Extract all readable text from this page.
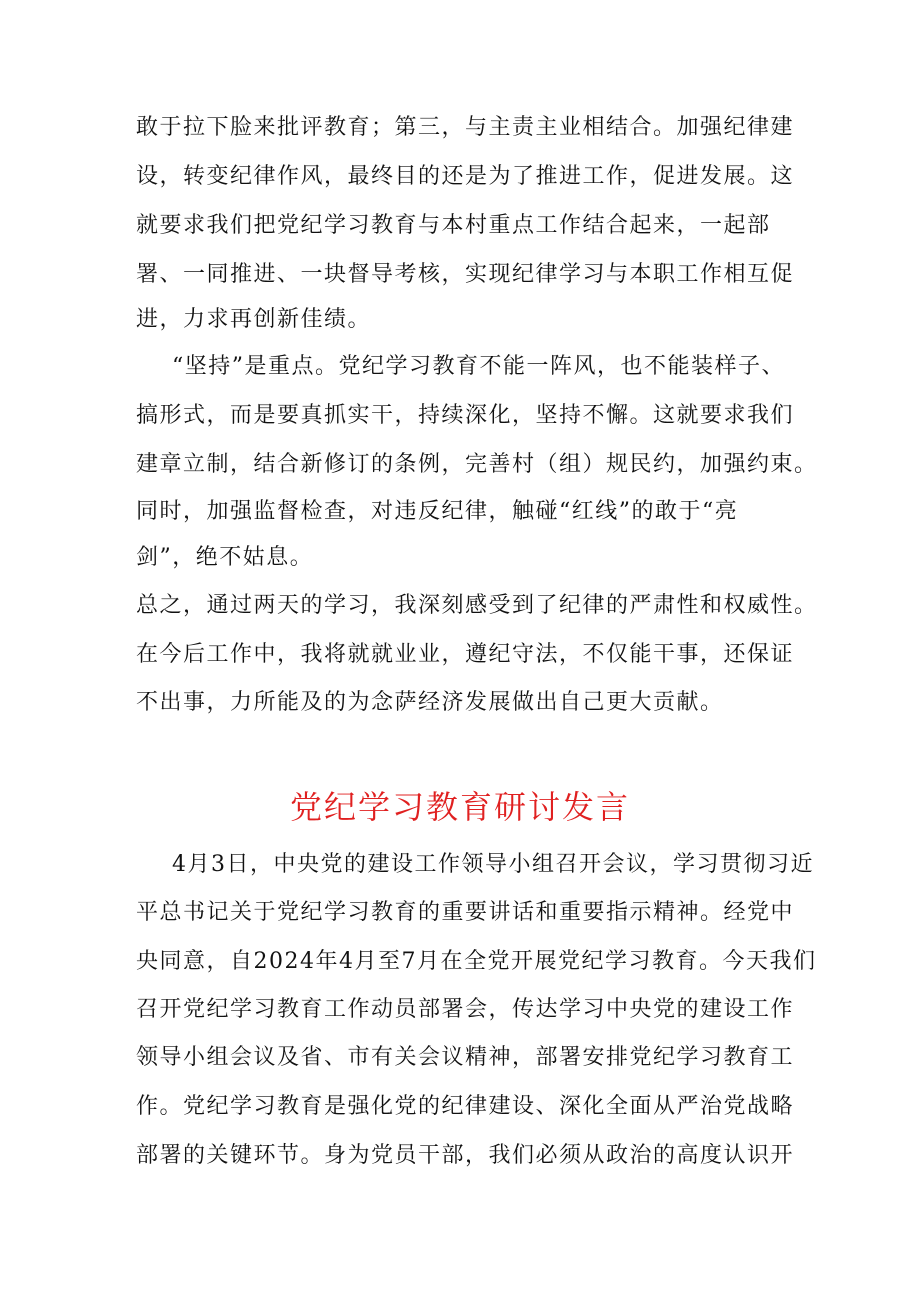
敢于拉下脸来批评教育；第三，与主责主业相结合。加强纪律建
设，转变纪律作风，最终目的还是为了推进工作，促进发展。这
就要求我们把党纪学习教育与本村重点工作结合起来，一起部
署、一同推进、一块督导考核，实现纪律学习与本职工作相互促
进，力求再创新佳绩。
“坚持”是重点。党纪学习教育不能一阵风，也不能装样子、
搞形式，而是要真抓实干，持续深化，坚持不懈。这就要求我们
建章立制，结合新修订的条例，完善村（组）规民约，加强约束。
同时，加强监督检查，对违反纪律，触碰“红线”的敢于“亮
剑”，绝不姑息。
总之，通过两天的学习，我深刻感受到了纪律的严肃性和权威性。
在今后工作中，我将就就业业，遵纪守法，不仅能干事，还保证
不出事，力所能及的为念萨经济发展做出自己更大贡献。
党纪学习教育研讨发言
4月3日，中央党的建设工作领导小组召开会议，学习贯彻习近
平总书记关于党纪学习教育的重要讲话和重要指示精神。经党中
央同意，自2024年4月至7月在全党开展党纪学习教育。今天我们
召开党纪学习教育工作动员部署会，传达学习中央党的建设工作
领导小组会议及省、市有关会议精神，部署安排党纪学习教育工
作。党纪学习教育是强化党的纪律建设、深化全面从严治党战略
部署的关键环节。身为党员干部，我们必须从政治的高度认识开
